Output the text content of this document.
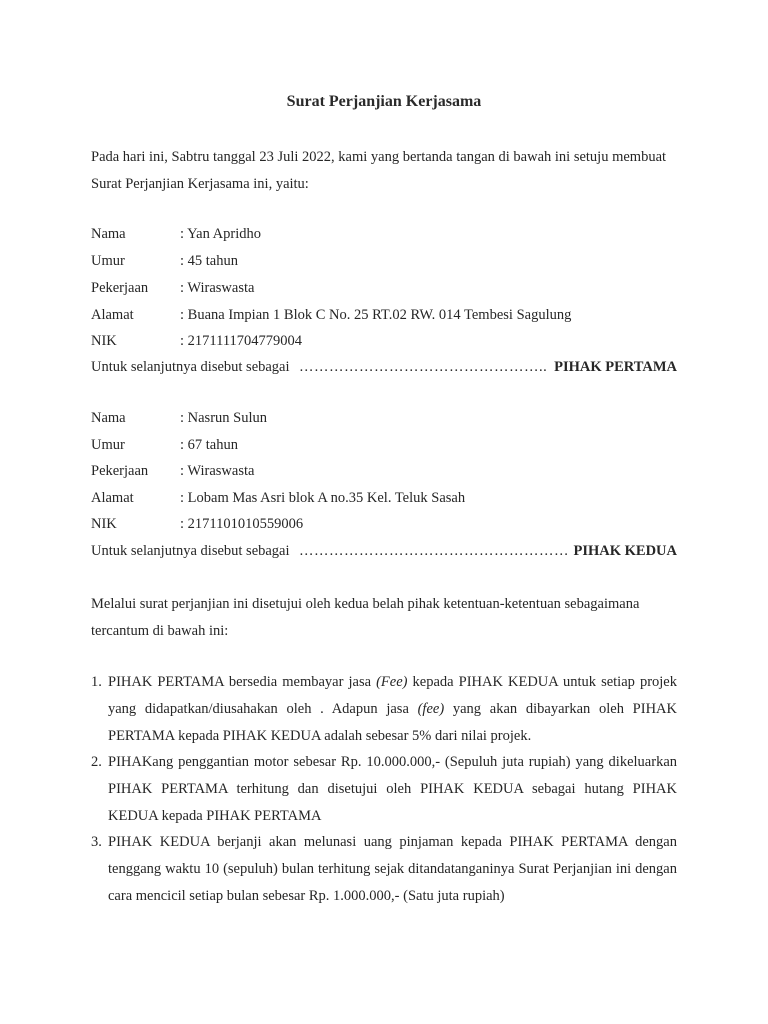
Surat Perjanjian Kerjasama
Pada hari ini, Sabtru tanggal 23 Juli 2022, kami yang bertanda tangan di bawah ini setuju membuat Surat Perjanjian Kerjasama ini, yaitu:
Nama	: Yan Apridho
Umur	: 45 tahun
Pekerjaan : Wiraswasta
Alamat	: Buana Impian 1 Blok C No. 25 RT.02 RW. 014 Tembesi Sagulung
NIK	: 2171111704779004
Untuk selanjutnya disebut sebagai ………………………………………….. PIHAK PERTAMA
Nama	: Nasrun Sulun
Umur	: 67 tahun
Pekerjaan : Wiraswasta
Alamat	: Lobam Mas Asri blok A no.35 Kel. Teluk Sasah
NIK	: 2171101010559006
Untuk selanjutnya disebut sebagai ……………………………………………… PIHAK KEDUA
Melalui surat perjanjian ini disetujui oleh kedua belah pihak ketentuan-ketentuan sebagaimana tercantum di bawah ini:
1. PIHAK PERTAMA bersedia membayar jasa (Fee) kepada PIHAK KEDUA untuk setiap projek yang didapatkan/diusahakan oleh . Adapun jasa (fee) yang akan dibayarkan oleh PIHAK PERTAMA kepada PIHAK KEDUA adalah sebesar 5% dari nilai projek.
2. PIHAKang penggantian motor sebesar Rp. 10.000.000,- (Sepuluh juta rupiah) yang dikeluarkan PIHAK PERTAMA terhitung dan disetujui oleh PIHAK KEDUA sebagai hutang PIHAK KEDUA kepada PIHAK PERTAMA
3. PIHAK KEDUA berjanji akan melunasi uang pinjaman kepada PIHAK PERTAMA dengan tenggang waktu 10 (sepuluh) bulan terhitung sejak ditandatanganinya Surat Perjanjian ini dengan cara mencicil setiap bulan sebesar Rp. 1.000.000,- (Satu juta rupiah)
